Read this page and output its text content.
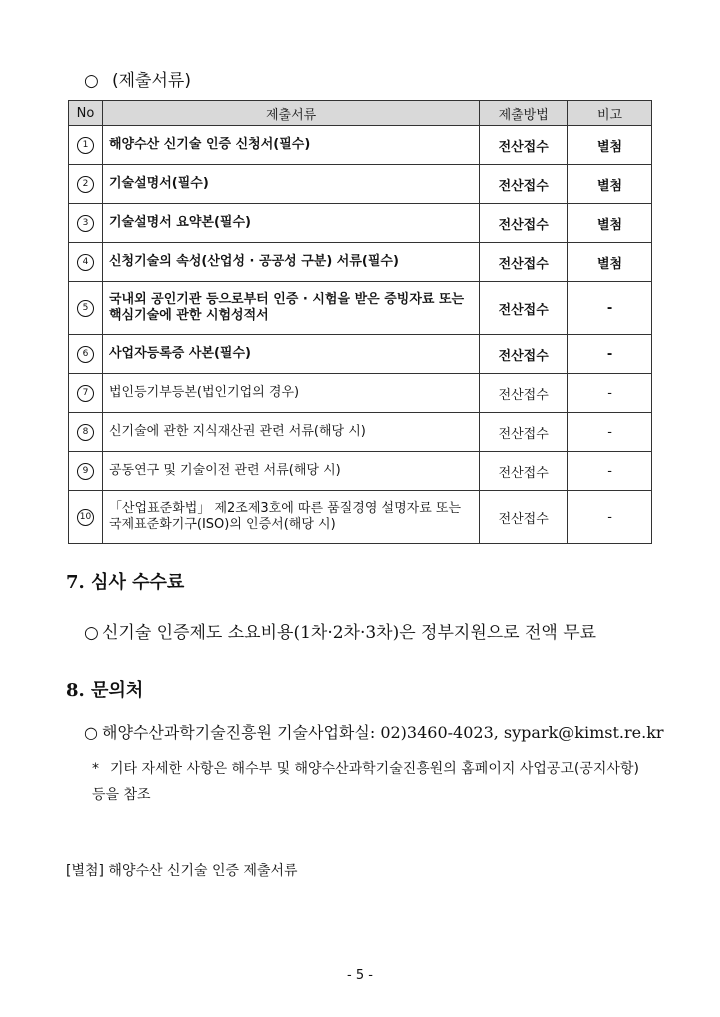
○ (제출서류)
No	제출서류	제출방법	비고
1	해양수산 신기술 인증 신청서(필수)	전산접수	별첨
2	기술설명서(필수)	전산접수	별첨
3	기술설명서 요약본(필수)	전산접수	별첨
4	신청기술의 속성(산업성 · 공공성 구분) 서류(필수)	전산접수	별첨
5	국내외 공인기관 등으로부터 인증 · 시험을 받은 증빙자료 또는 핵심기술에 관한 시험성적서	전산접수	-
6	사업자등록증 사본(필수)	전산접수	-
7	법인등기부등본(법인기업의 경우)	전산접수	-
8	신기술에 관한 지식재산권 관련 서류(해당 시)	전산접수	-
9	공동연구 및 기술이전 관련 서류(해당 시)	전산접수	-
10	「산업표준화법」 제2조제3호에 따른 품질경영 설명자료 또는 국제표준화기구(ISO)의 인증서(해당 시)	전산접수	-
7. 심사 수수료
○ 신기술 인증제도 소요비용(1차·2차·3차)은 정부지원으로 전액 무료
8. 문의처
○ 해양수산과학기술진흥원 기술사업화실: 02)3460-4023, sypark@kimst.re.kr
* 기타 자세한 사항은 해수부 및 해양수산과학기술진흥원의 홈페이지 사업공고(공지사항) 등을 참조
[별첨] 해양수산 신기술 인증 제출서류
- 5 -
